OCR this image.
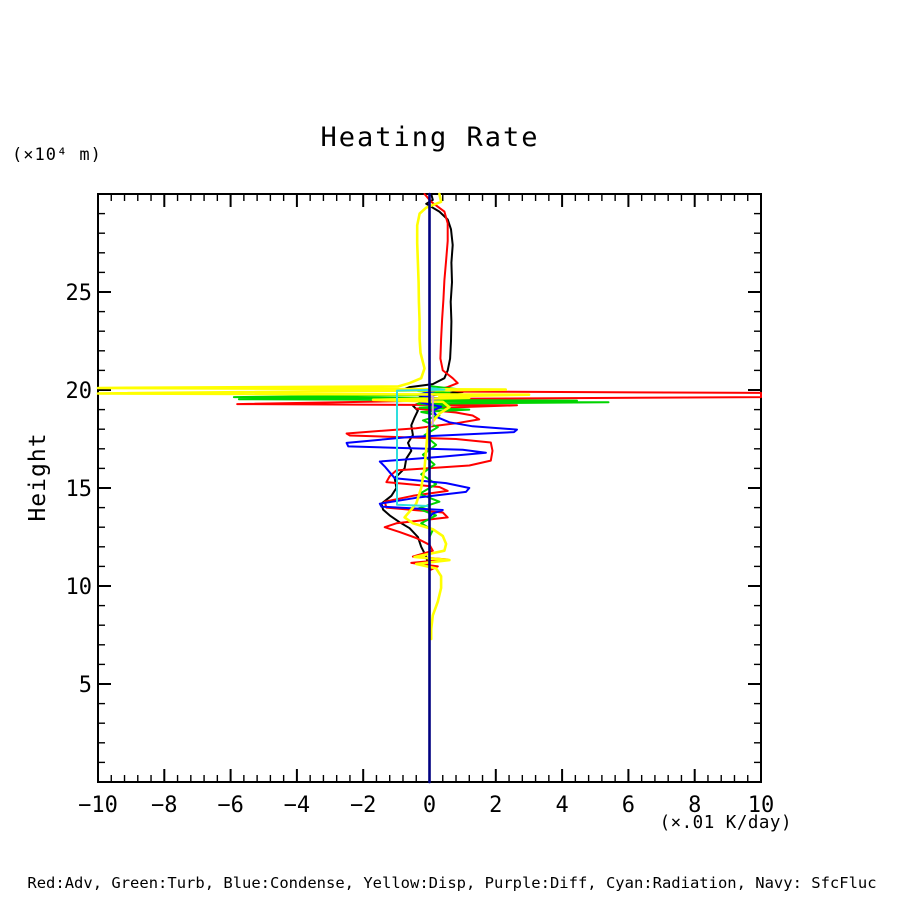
Heating Rate
(×10⁴ m)
Height
−10 −8 −6 −4 −2 0 2 4 6 8 10
5
10
15
20
25
(×.01 K/day)
Red:Adv, Green:Turb, Blue:Condense, Yellow:Disp, Purple:Diff, Cyan:Radiation, Navy: SfcFluc
